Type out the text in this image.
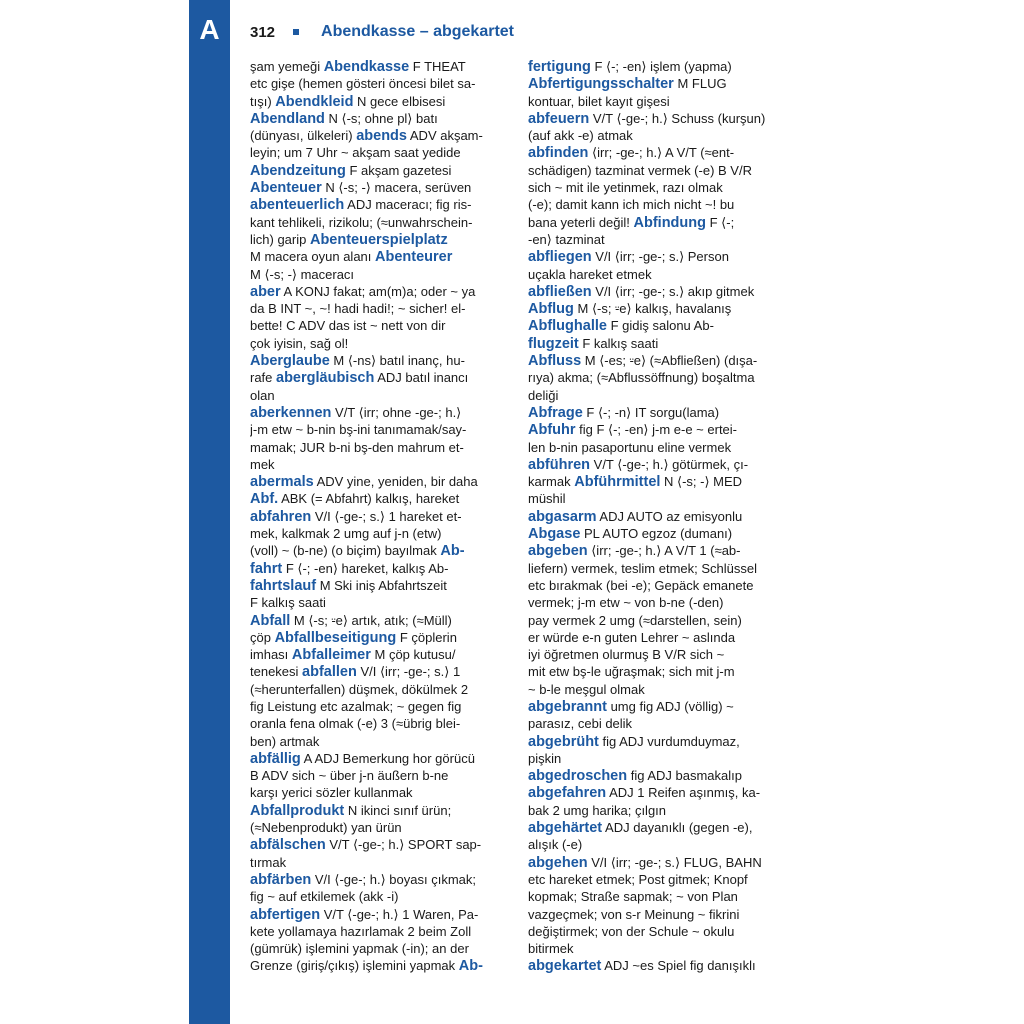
A	312	Abendkasse – abgekartet
şam yemeği Abendkasse F THEAT
etc gişe (hemen gösteri öncesi bilet sa-
tışı) Abendkleid N gece elbisesi
Abendland N ⟨-s; ohne pl⟩ batı
(dünyası, ülkeleri) abends ADV akşam-
leyin; um 7 Uhr ~ akşam saat yedide
Abendzeitung F akşam gazetesi
Abenteuer N ⟨-s; -⟩ macera, serüven
abenteuerlich ADJ maceracı; fig ris-
kant tehlikeli, rizikolu; (≈unwahrschein-
lich) garip Abenteuerspielplatz
M macera oyun alanı Abenteurer
M ⟨-s; -⟩ maceracı
aber A KONJ fakat; am(m)a; oder ~ ya
da B INT ~, ~! hadi hadi!; ~ sicher! el-
bette! C ADV das ist ~ nett von dir
çok iyisin, sağ ol!
Aberglaube M ⟨-ns⟩ batıl inanç, hu-
rafe abergläubisch ADJ batıl inancı
olan
aberkennen V/T ⟨irr; ohne -ge-; h.⟩
j-m etw ~ b-nin bş-ini tanımamak/say-
mamak; JUR b-ni bş-den mahrum et-
mek
abermals ADV yine, yeniden, bir daha
Abf. ABK (= Abfahrt) kalkış, hareket
abfahren V/I ⟨-ge-; s.⟩ 1 hareket et-
mek, kalkmak 2 umg auf j-n (etw)
(voll) ~ (b-ne) (o biçim) bayılmak Ab-
fahrt F ⟨-; -en⟩ hareket, kalkış Ab-
fahrtslauf M Ski iniş Abfahrtszeit
F kalkış saati
Abfall M ⟨-s; ⸚e⟩ artık, atık; (≈Müll)
çöp Abfallbeseitigung F çöplerin
imhası Abfalleimer M çöp kutusu/
tenekesi abfallen V/I ⟨irr; -ge-; s.⟩ 1
(≈herunterfallen) düşmek, dökülmek 2
fig Leistung etc azalmak; ~ gegen fig
oranla fena olmak (-e) 3 (≈übrig blei-
ben) artmak
abfällig A ADJ Bemerkung hor görücü
B ADV sich ~ über j-n äußern b-ne
karşı yerici sözler kullanmak
Abfallprodukt N ikinci sınıf ürün;
(≈Nebenprodukt) yan ürün
abfälschen V/T ⟨-ge-; h.⟩ SPORT sap-
tırmak
abfärben V/I ⟨-ge-; h.⟩ boyası çıkmak;
fig ~ auf etkilemek (akk -i)
abfertigen V/T ⟨-ge-; h.⟩ 1 Waren, Pa-
kete yollamaya hazırlamak 2 beim Zoll
(gümrük) işlemini yapmak (-in); an der
Grenze (giriş/çıkış) işlemini yapmak Ab-
fertigung F ⟨-; -en⟩ işlem (yapma)
Abfertigungsschalter M FLUG
kontuar, bilet kayıt gişesi
abfeuern V/T ⟨-ge-; h.⟩ Schuss (kurşun)
(auf akk -e) atmak
abfinden ⟨irr; -ge-; h.⟩ A V/T (≈ent-
schädigen) tazminat vermek (-e) B V/R
sich ~ mit ile yetinmek, razı olmak
(-e); damit kann ich mich nicht ~! bu
bana yeterli değil! Abfindung F ⟨-;
-en⟩ tazminat
abfliegen V/I ⟨irr; -ge-; s.⟩ Person
uçakla hareket etmek
abfließen V/I ⟨irr; -ge-; s.⟩ akıp gitmek
Abflug M ⟨-s; ⸚e⟩ kalkış, havalanış
Abflughalle F gidiş salonu Ab-
flugzeit F kalkış saati
Abfluss M ⟨-es; ⸚e⟩ (≈Abfließen) (dışa-
rıya) akma; (≈Abflussöffnung) boşaltma
deliği
Abfrage F ⟨-; -n⟩ IT sorgu(lama)
Abfuhr fig F ⟨-; -en⟩ j-m e-e ~ ertei-
len b-nin pasaportunu eline vermek
abführen V/T ⟨-ge-; h.⟩ götürmek, çı-
karmak Abführmittel N ⟨-s; -⟩ MED
müshil
abgasarm ADJ AUTO az emisyonlu
Abgase PL AUTO egzoz (dumanı)
abgeben ⟨irr; -ge-; h.⟩ A V/T 1 (≈ab-
liefern) vermek, teslim etmek; Schlüssel
etc bırakmak (bei -e); Gepäck emanete
vermek; j-m etw ~ von b-ne (-den)
pay vermek 2 umg (≈darstellen, sein)
er würde e-n guten Lehrer ~ aslında
iyi öğretmen olurmuş B V/R sich ~
mit etw bş-le uğraşmak; sich mit j-m
~ b-le meşgul olmak
abgebrannt umg fig ADJ (völlig) ~
parasız, cebi delik
abgebrüht fig ADJ vurdumduymaz,
pişkin
abgedroschen fig ADJ basmakalıp
abgefahren ADJ 1 Reifen aşınmış, ka-
bak 2 umg harika; çılgın
abgehärtet ADJ dayanıklı (gegen -e),
alışık (-e)
abgehen V/I ⟨irr; -ge-; s.⟩ FLUG, BAHN
etc hareket etmek; Post gitmek; Knopf
kopmak; Straße sapmak; ~ von Plan
vazgeçmek; von s-r Meinung ~ fikrini
değiştirmek; von der Schule ~ okulu
bitirmek
abgekartet ADJ ~es Spiel fig danışıklı
